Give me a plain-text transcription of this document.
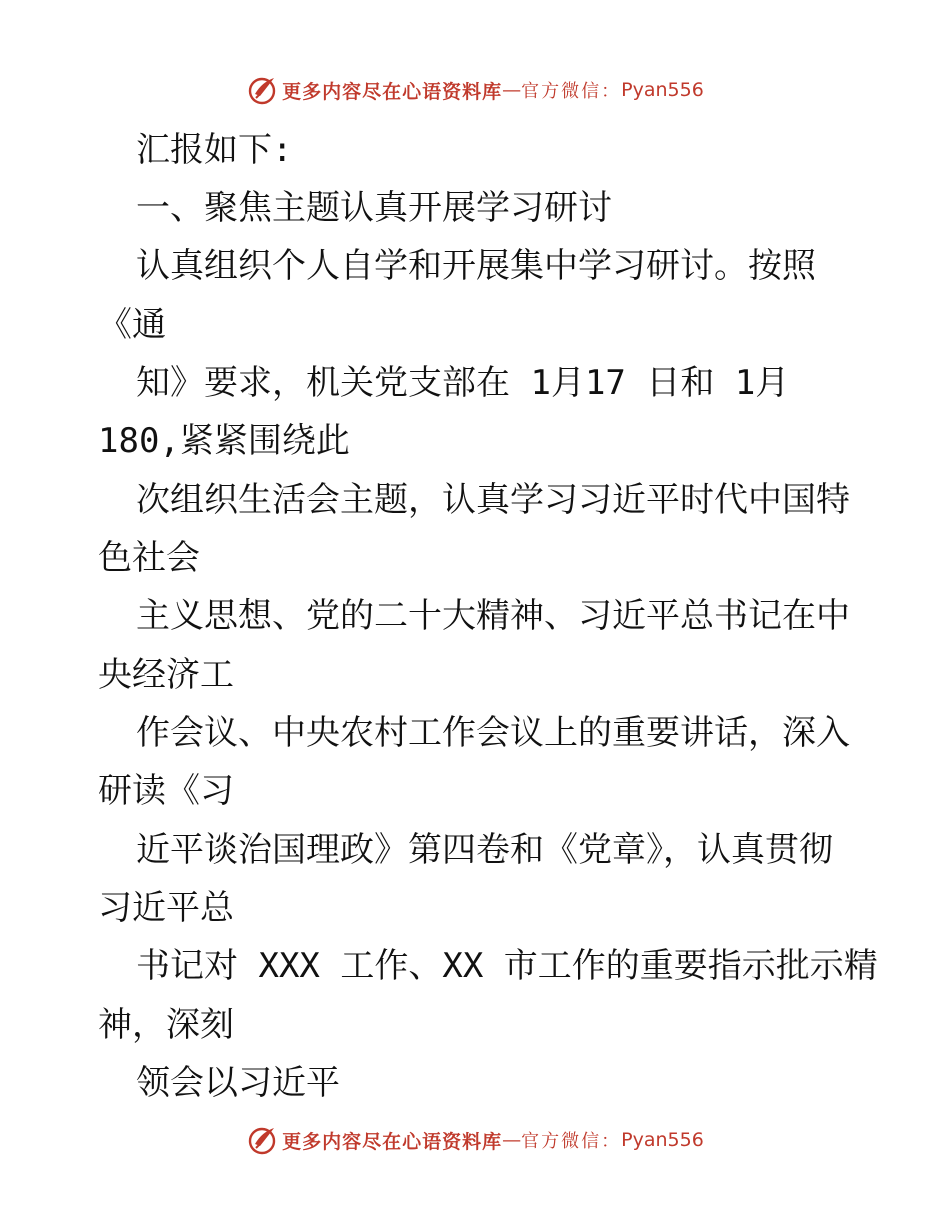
更多内容尽在心语资料库 — 官方微信： Pyan556
汇报如下:
一、聚焦主题认真开展学习研讨
认真组织个人自学和开展集中学习研讨。按照
《通
知》要求，机关党支部在 1月17 日和 1月
180,紧紧围绕此
次组织生活会主题，认真学习习近平时代中国特
色社会
主义思想、党的二十大精神、习近平总书记在中
央经济工
作会议、中央农村工作会议上的重要讲话，深入
研读《习
近平谈治国理政》第四卷和《党章》，认真贯彻
习近平总
书记对 XXX 工作、XX 市工作的重要指示批示精
神，深刻
领会以习近平
更多内容尽在心语资料库 — 官方微信： Pyan556
